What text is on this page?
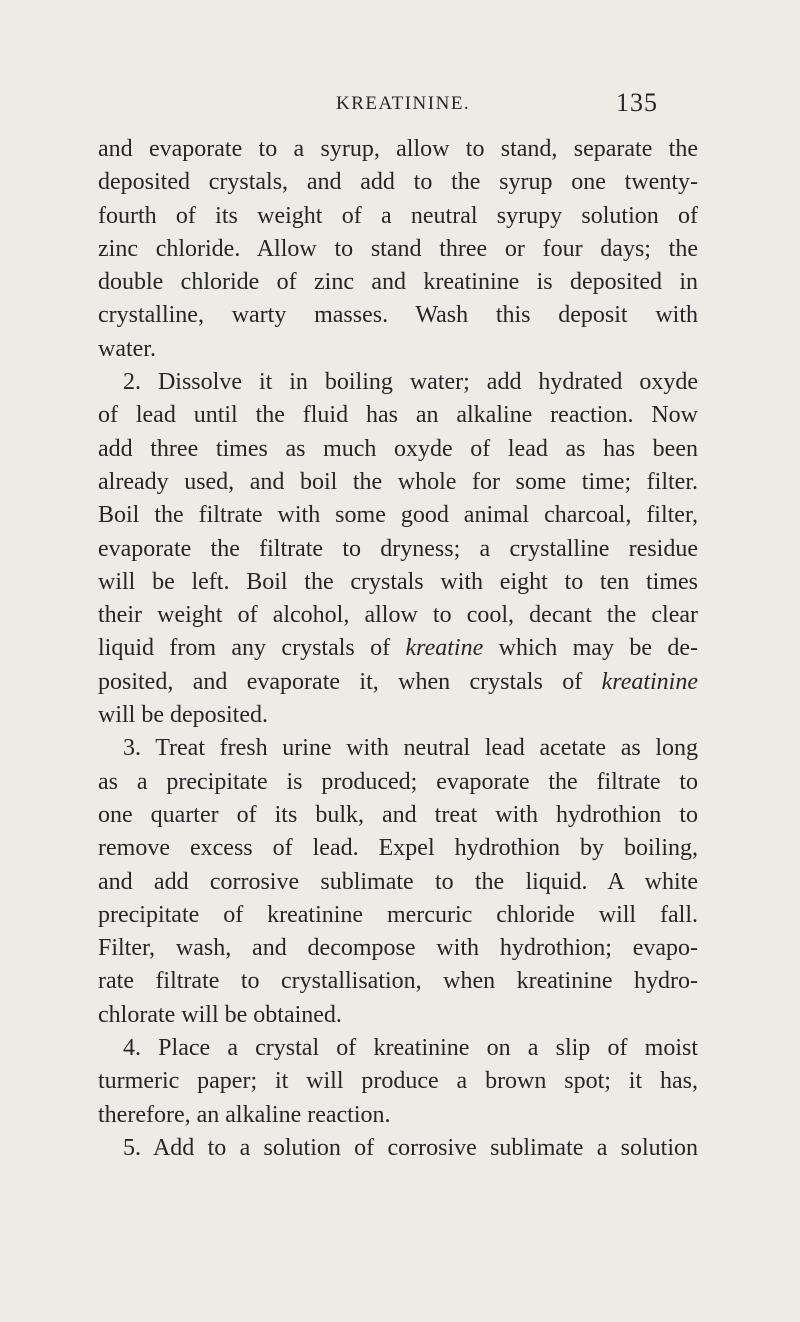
KREATININE.	135
and evaporate to a syrup, allow to stand, separate the
deposited crystals, and add to the syrup one twenty-
fourth of its weight of a neutral syrupy solution of
zinc chloride. Allow to stand three or four days; the
double chloride of zinc and kreatinine is deposited in
crystalline, warty masses. Wash this deposit with
water.
2. Dissolve it in boiling water; add hydrated oxyde
of lead until the fluid has an alkaline reaction. Now
add three times as much oxyde of lead as has been
already used, and boil the whole for some time; filter.
Boil the filtrate with some good animal charcoal, filter,
evaporate the filtrate to dryness; a crystalline residue
will be left. Boil the crystals with eight to ten times
their weight of alcohol, allow to cool, decant the clear
liquid from any crystals of kreatine which may be de-
posited, and evaporate it, when crystals of kreatinine
will be deposited.
3. Treat fresh urine with neutral lead acetate as long
as a precipitate is produced; evaporate the filtrate to
one quarter of its bulk, and treat with hydrothion to
remove excess of lead. Expel hydrothion by boiling,
and add corrosive sublimate to the liquid. A white
precipitate of kreatinine mercuric chloride will fall.
Filter, wash, and decompose with hydrothion; evapo-
rate filtrate to crystallisation, when kreatinine hydro-
chlorate will be obtained.
4. Place a crystal of kreatinine on a slip of moist
turmeric paper; it will produce a brown spot; it has,
therefore, an alkaline reaction.
5. Add to a solution of corrosive sublimate a solution
